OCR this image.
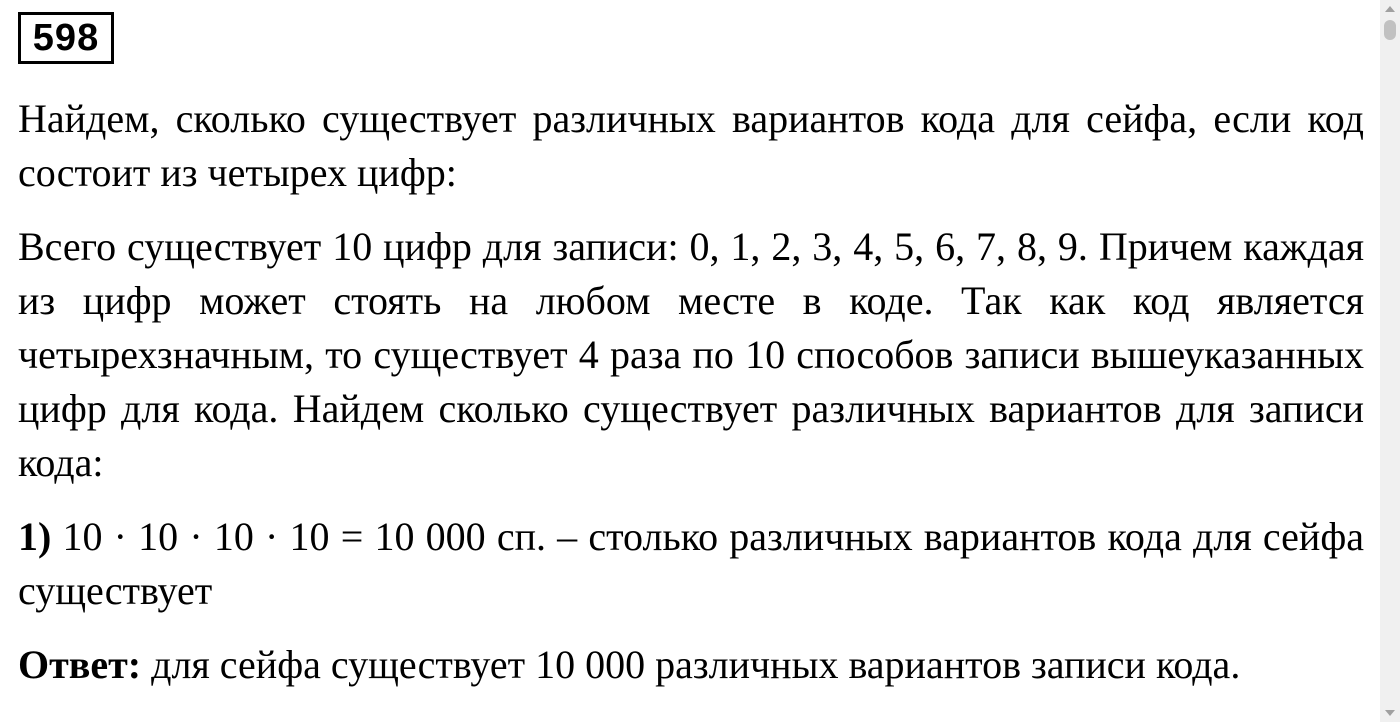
598

Найдем, сколько существует различных вариантов кода для сейфа, если код состоит из четырех цифр:

Всего существует 10 цифр для записи: 0, 1, 2, 3, 4, 5, 6, 7, 8, 9. Причем каждая из цифр может стоять на любом месте в коде. Так как код является четырехзначным, то существует 4 раза по 10 способов записи вышеуказанных цифр для кода. Найдем сколько существует различных вариантов для записи кода:

1) 10 · 10 · 10 · 10 = 10 000 сп. – столько различных вариантов кода для сейфа существует

Ответ: для сейфа существует 10 000 различных вариантов записи кода.
